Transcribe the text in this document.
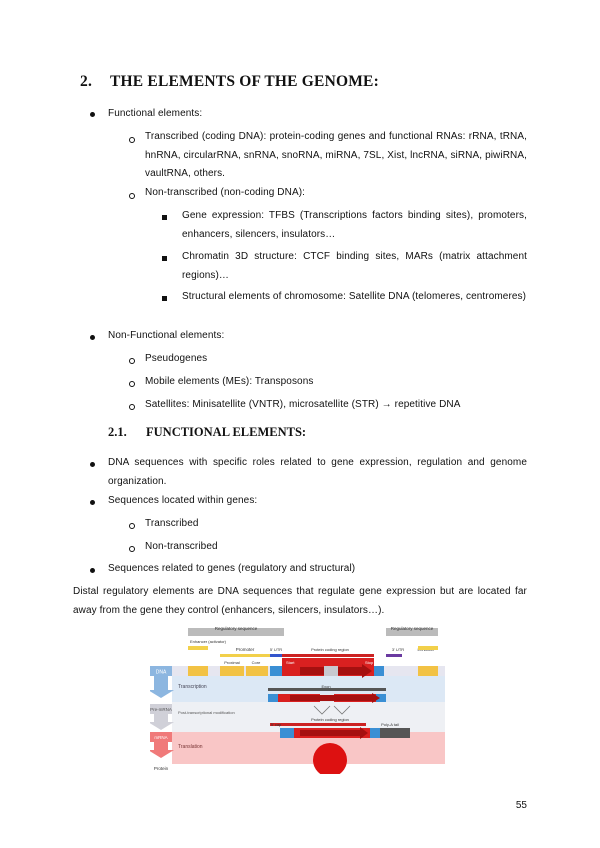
2. THE ELEMENTS OF THE GENOME:
Functional elements:
Transcribed (coding DNA): protein-coding genes and functional RNAs: rRNA, tRNA, hnRNA, circularRNA, snRNA, snoRNA, miRNA, 7SL, Xist, lncRNA, siRNA, piwiRNA, vaultRNA, others.
Non-transcribed (non-coding DNA):
Gene expression: TFBS (Transcriptions factors binding sites), promoters, enhancers, silencers, insulators…
Chromatin 3D structure: CTCF binding sites, MARs (matrix attachment regions)…
Structural elements of chromosome: Satellite DNA (telomeres, centromeres)
Non-Functional elements:
Pseudogenes
Mobile elements (MEs): Transposons
Satellites: Minisatellite (VNTR), microsatellite (STR) → repetitive DNA
2.1. FUNCTIONAL ELEMENTS:
DNA sequences with specific roles related to gene expression, regulation and genome organization.
Sequences located within genes:
Transcribed
Non-transcribed
Sequences related to genes (regulatory and structural)
Distal regulatory elements are DNA sequences that regulate gene expression but are located far away from the gene they control (enhancers, silencers, insulators…).
DNA
Pre-mRNA
mRNA
Protein
Transcription
Post-transcriptional modification
Translation
Regulatory sequence	Regulatory sequence
Enhancer (activator)
Promoter
Proximal	Core
5' UTR	Protein coding region
Start	Stop
3' UTR
Exon
Protein coding region
5' cap	Poly-A tail
55
